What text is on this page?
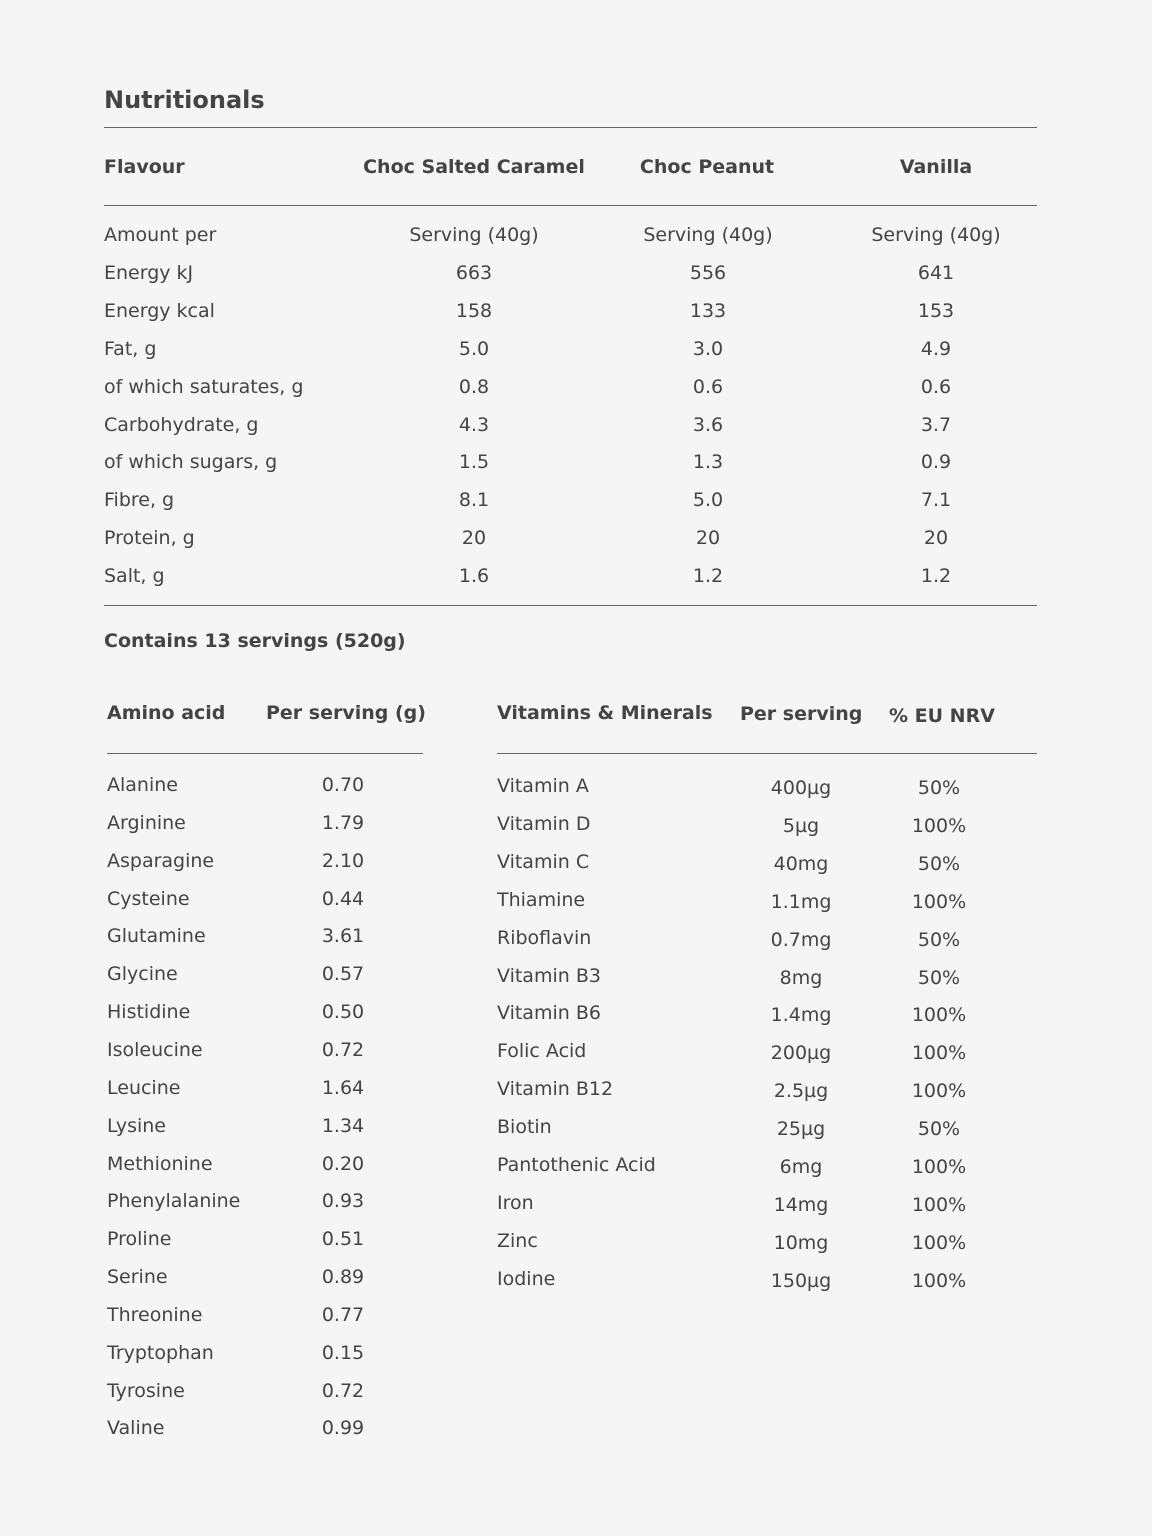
Nutritionals
Flavour	Choc Salted Caramel	Choc Peanut	Vanilla
Amount per	Serving (40g)	Serving (40g)	Serving (40g)
Energy kJ	663	556	641
Energy kcal	158	133	153
Fat, g	5.0	3.0	4.9
of which saturates, g	0.8	0.6	0.6
Carbohydrate, g	4.3	3.6	3.7
of which sugars, g	1.5	1.3	0.9
Fibre, g	8.1	5.0	7.1
Protein, g	20	20	20
Salt, g	1.6	1.2	1.2
Contains 13 servings (520g)
Amino acid Per serving (g)
Alanine	0.70
Arginine	1.79
Asparagine	2.10
Cysteine	0.44
Glutamine	3.61
Glycine	0.57
Histidine	0.50
Isoleucine	0.72
Leucine	1.64
Lysine	1.34
Methionine	0.20
Phenylalanine	0.93
Proline	0.51
Serine	0.89
Threonine	0.77
Tryptophan	0.15
Tyrosine	0.72
Valine	0.99
Vitamins & Minerals Per serving % EU NRV
Vitamin A	400µg	50%
Vitamin D	5µg	100%
Vitamin C	40mg	50%
Thiamine	1.1mg	100%
Riboflavin	0.7mg	50%
Vitamin B3	8mg	50%
Vitamin B6	1.4mg	100%
Folic Acid	200µg	100%
Vitamin B12	2.5µg	100%
Biotin	25µg	50%
Pantothenic Acid	6mg	100%
Iron	14mg	100%
Zinc	10mg	100%
Iodine	150µg	100%
